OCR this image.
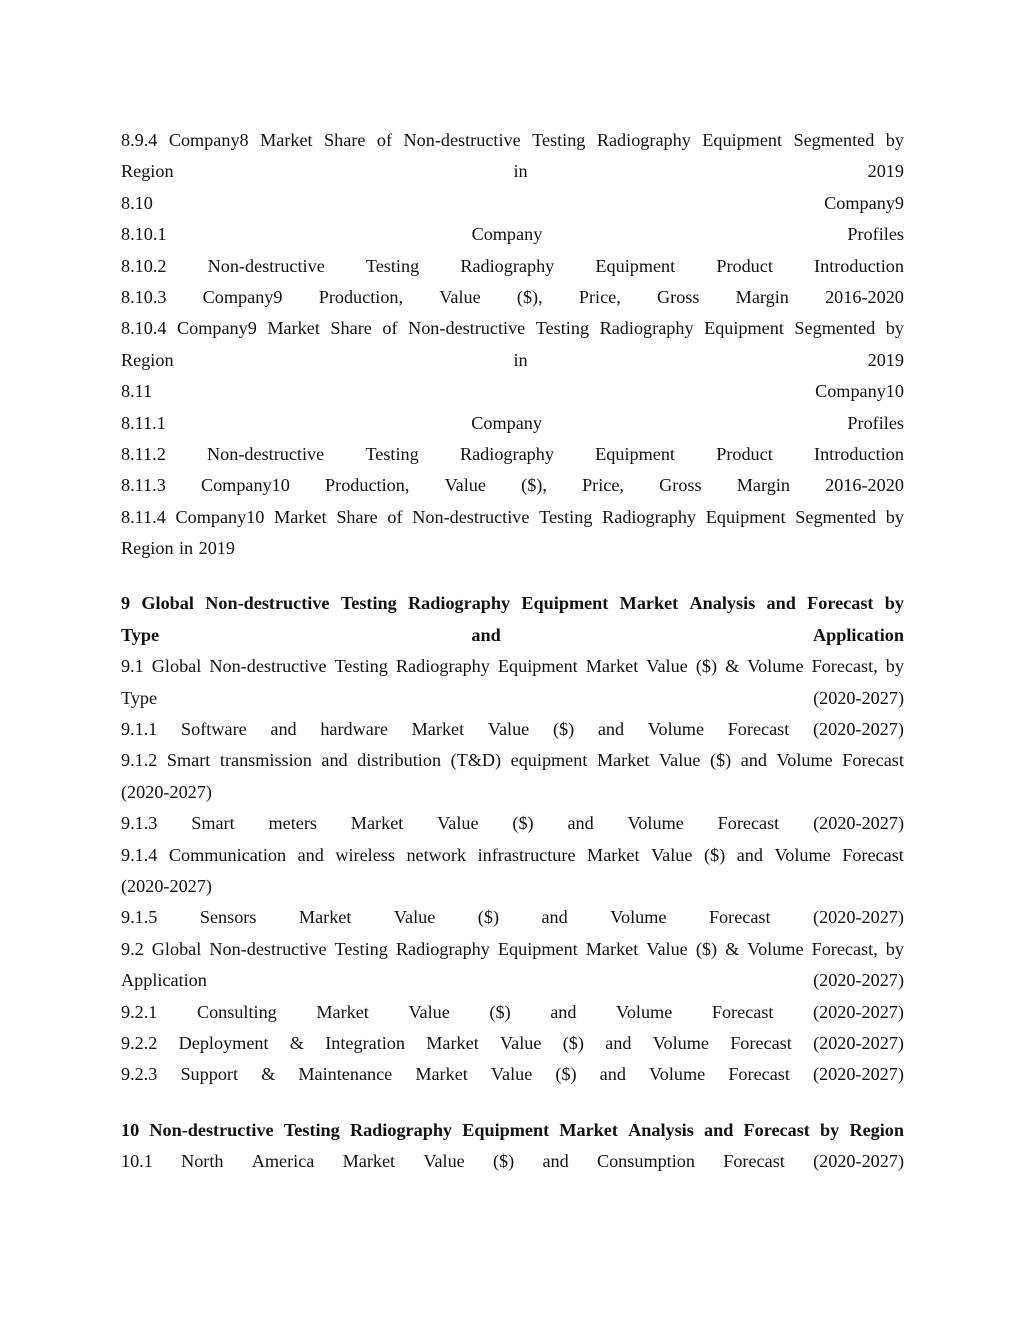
8.9.4 Company8 Market Share of Non-destructive Testing Radiography Equipment Segmented by
Region	in	2019
8.10	Company9
8.10.1	Company	Profiles
8.10.2 Non-destructive Testing Radiography Equipment Product Introduction
8.10.3 Company9 Production, Value ($), Price, Gross Margin 2016-2020
8.10.4 Company9 Market Share of Non-destructive Testing Radiography Equipment Segmented by
Region	in	2019
8.11	Company10
8.11.1	Company	Profiles
8.11.2 Non-destructive Testing Radiography Equipment Product Introduction
8.11.3 Company10 Production, Value ($), Price, Gross Margin 2016-2020
8.11.4 Company10 Market Share of Non-destructive Testing Radiography Equipment Segmented by
Region in 2019
9 Global Non-destructive Testing Radiography Equipment Market Analysis and Forecast by
Type	and	Application
9.1 Global Non-destructive Testing Radiography Equipment Market Value ($) & Volume Forecast, by
Type	(2020-2027)
9.1.1 Software and hardware Market Value ($) and Volume Forecast (2020-2027)
9.1.2 Smart transmission and distribution (T&D) equipment Market Value ($) and Volume Forecast
(2020-2027)
9.1.3 Smart meters Market Value ($) and Volume Forecast (2020-2027)
9.1.4 Communication and wireless network infrastructure Market Value ($) and Volume Forecast
(2020-2027)
9.1.5 Sensors Market Value ($) and Volume Forecast (2020-2027)
9.2 Global Non-destructive Testing Radiography Equipment Market Value ($) & Volume Forecast, by
Application	(2020-2027)
9.2.1 Consulting Market Value ($) and Volume Forecast (2020-2027)
9.2.2 Deployment & Integration Market Value ($) and Volume Forecast (2020-2027)
9.2.3 Support & Maintenance Market Value ($) and Volume Forecast (2020-2027)
10 Non-destructive Testing Radiography Equipment Market Analysis and Forecast by Region
10.1 North America Market Value ($) and Consumption Forecast (2020-2027)
